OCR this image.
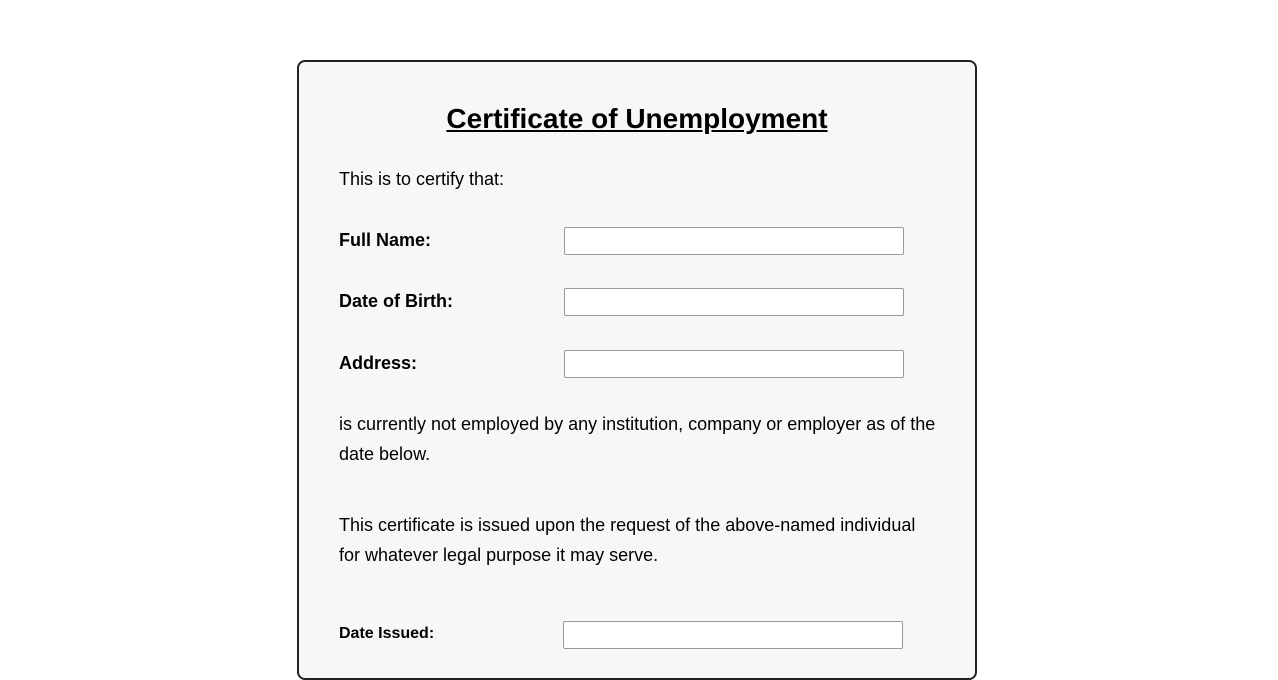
Certificate of Unemployment

This is to certify that:

Full Name:
Date of Birth:
Address:

is currently not employed by any institution, company or employer as of the date below.

This certificate is issued upon the request of the above-named individual for whatever legal purpose it may serve.

Date Issued:
